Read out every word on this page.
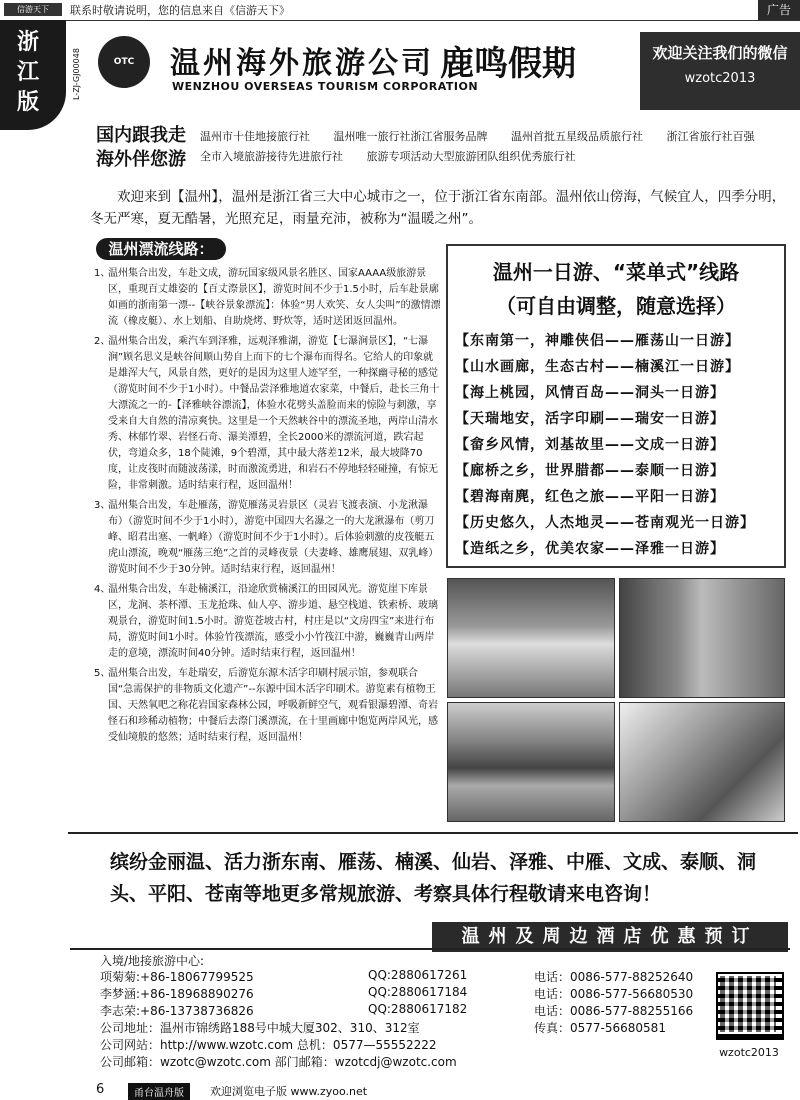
信游天下	联系时敬请说明，您的信息来自《信游天下》	广告
浙
江
版
L-ZJ-GJ00048	OTC	温州海外旅游公司
WENZHOU OVERSEAS TOURISM CORPORATION
鹿鸣假期	欢迎关注我们的微信
wzotc2013
国内跟我走
海外伴您游
温州市十佳地接旅行社 温州唯一旅行社浙江省服务品牌 温州首批五星级品质旅行社 浙江省旅行社百强 全市入境旅游接待先进旅行社 旅游专项活动大型旅游团队组织优秀旅行社
欢迎来到【温州】，温州是浙江省三大中心城市之一，位于浙江省东南部。温州依山傍海，气候宜人，四季分明，冬无严寒，夏无酷暑，光照充足，雨量充沛，被称为“温暖之州”。
温州漂流线路：
1、
温州集合出发，车赴文成，游玩国家级风景名胜区、国家AAAA级旅游景区，重现百丈雄姿的【百丈漈景区】，游览时间不少于1.5小时，后车赴景廓如画的浙南第一漂--【峡谷景象漂流】：体验“男人欢笑、女人尖叫”的激情漂流（橡皮艇）、水上划船、自助烧烤、野炊等，适时送团返回温州。
2、
温州集合出发，乘汽车到泽雅，远观泽雅湖，游览【七瀑涧景区】，“七瀑涧”顾名思义是峡谷间顺山势自上而下的七个瀑布而得名。它给人的印象就是雄浑大气，风景自然，更好的是因为这里人迹罕至，一种探幽寻秘的感觉（游览时间不少于1小时）。中餐品尝泽雅地道农家菜，中餐后，赴长三角十大漂流之一的-【泽雅峡谷漂流】，体验水花劈头盖脸而来的惊险与刺激，享受来自大自然的清凉爽快。这里是一个天然峡谷中的漂流圣地，两岸山清水秀、林郁竹翠、岩怪石奇、瀑美潭碧，全长2000米的漂流河道，跌宕起伏，弯道众多，18个陡滩，9个碧潭，其中最大落差12米，最大坡降70度，让皮筏时而随波荡漾，时而激流勇进，和岩石不停地轻轻碰撞，有惊无险，非常刺激。适时结束行程，返回温州！
3、
温州集合出发，车赴雁荡，游览雁荡灵岩景区（灵岩飞渡表演、小龙湫瀑布）（游览时间不少于1小时），游览中国四大名瀑之一的大龙湫瀑布（剪刀峰、昭君出塞、一帆峰）（游览时间不少于1小时）。后体验刺激的皮筏艇五虎山漂流，晚观“雁荡三绝”之首的灵峰夜景（夫妻峰、雄鹰展翅、双乳峰）游览时间不少于30分钟。适时结束行程，返回温州！
4、
温州集合出发，车赴楠溪江，沿途欣赏楠溪江的田园风光。游览崖下库景区，龙涧、茶杯潭、玉龙抢珠、仙人亭、游步道、悬空栈道、铁索桥、玻璃观景台，游览时间1.5小时。游览苍坡古村，村庄是以“文房四宝”来进行布局，游览时间1小时。体验竹筏漂流，感受小小竹筏江中游，巍巍青山两岸走的意境，漂流时间40分钟。适时结束行程，返回温州！
5、
温州集合出发，车赴瑞安，后游览东源木活字印刷村展示馆，参观联合国“急需保护的非物质文化遗产”--东源中国木活字印刷术。游览素有植物王国、天然氧吧之称花岩国家森林公园，呼吸新鲜空气，观看银瀑碧潭、奇岩怪石和珍稀动植物；中餐后去漈门溪漂流，在十里画廊中饱览两岸风光，感受仙境般的悠然；适时结束行程，返回温州！
温州一日游、“菜单式”线路
（可自由调整，随意选择）
【东南第一，神雕侠侣——雁荡山一日游】
【山水画廊，生态古村——楠溪江一日游】
【海上桃园，风情百岛——洞头一日游】
【天瑞地安，活字印刷——瑞安一日游】
【畲乡风情，刘基故里——文成一日游】
【廊桥之乡，世界腊都——泰顺一日游】
【碧海南麂，红色之旅——平阳一日游】
【历史悠久，人杰地灵——苍南观光一日游】
【造纸之乡，优美农家——泽雅一日游】
缤纷金丽温、活力浙东南、雁荡、楠溪、仙岩、泽雅、中雁、文成、泰顺、洞头、平阳、苍南等地更多常规旅游、考察具体行程敬请来电咨询！
温州及周边酒店优惠预订
入境/地接旅游中心:
项菊菊:+86-18067799525	QQ:2880617261	电话：0086-577-88252640
李梦涵:+86-18968890276	QQ:2880617184	电话：0086-577-56680530
李志荣:+86-13738736826	QQ:2880617182	电话：0086-577-88255166
公司地址：温州市锦绣路188号中城大厦302、310、312室	传真：0577-56680581
公司网站：http://www.wzotc.com 总机：0577—55552222
公司邮箱：wzotc@wzotc.com 部门邮箱：wzotcdj@wzotc.com
wzotc2013
6	甬台温舟版	欢迎浏览电子版 www.zyoo.net
